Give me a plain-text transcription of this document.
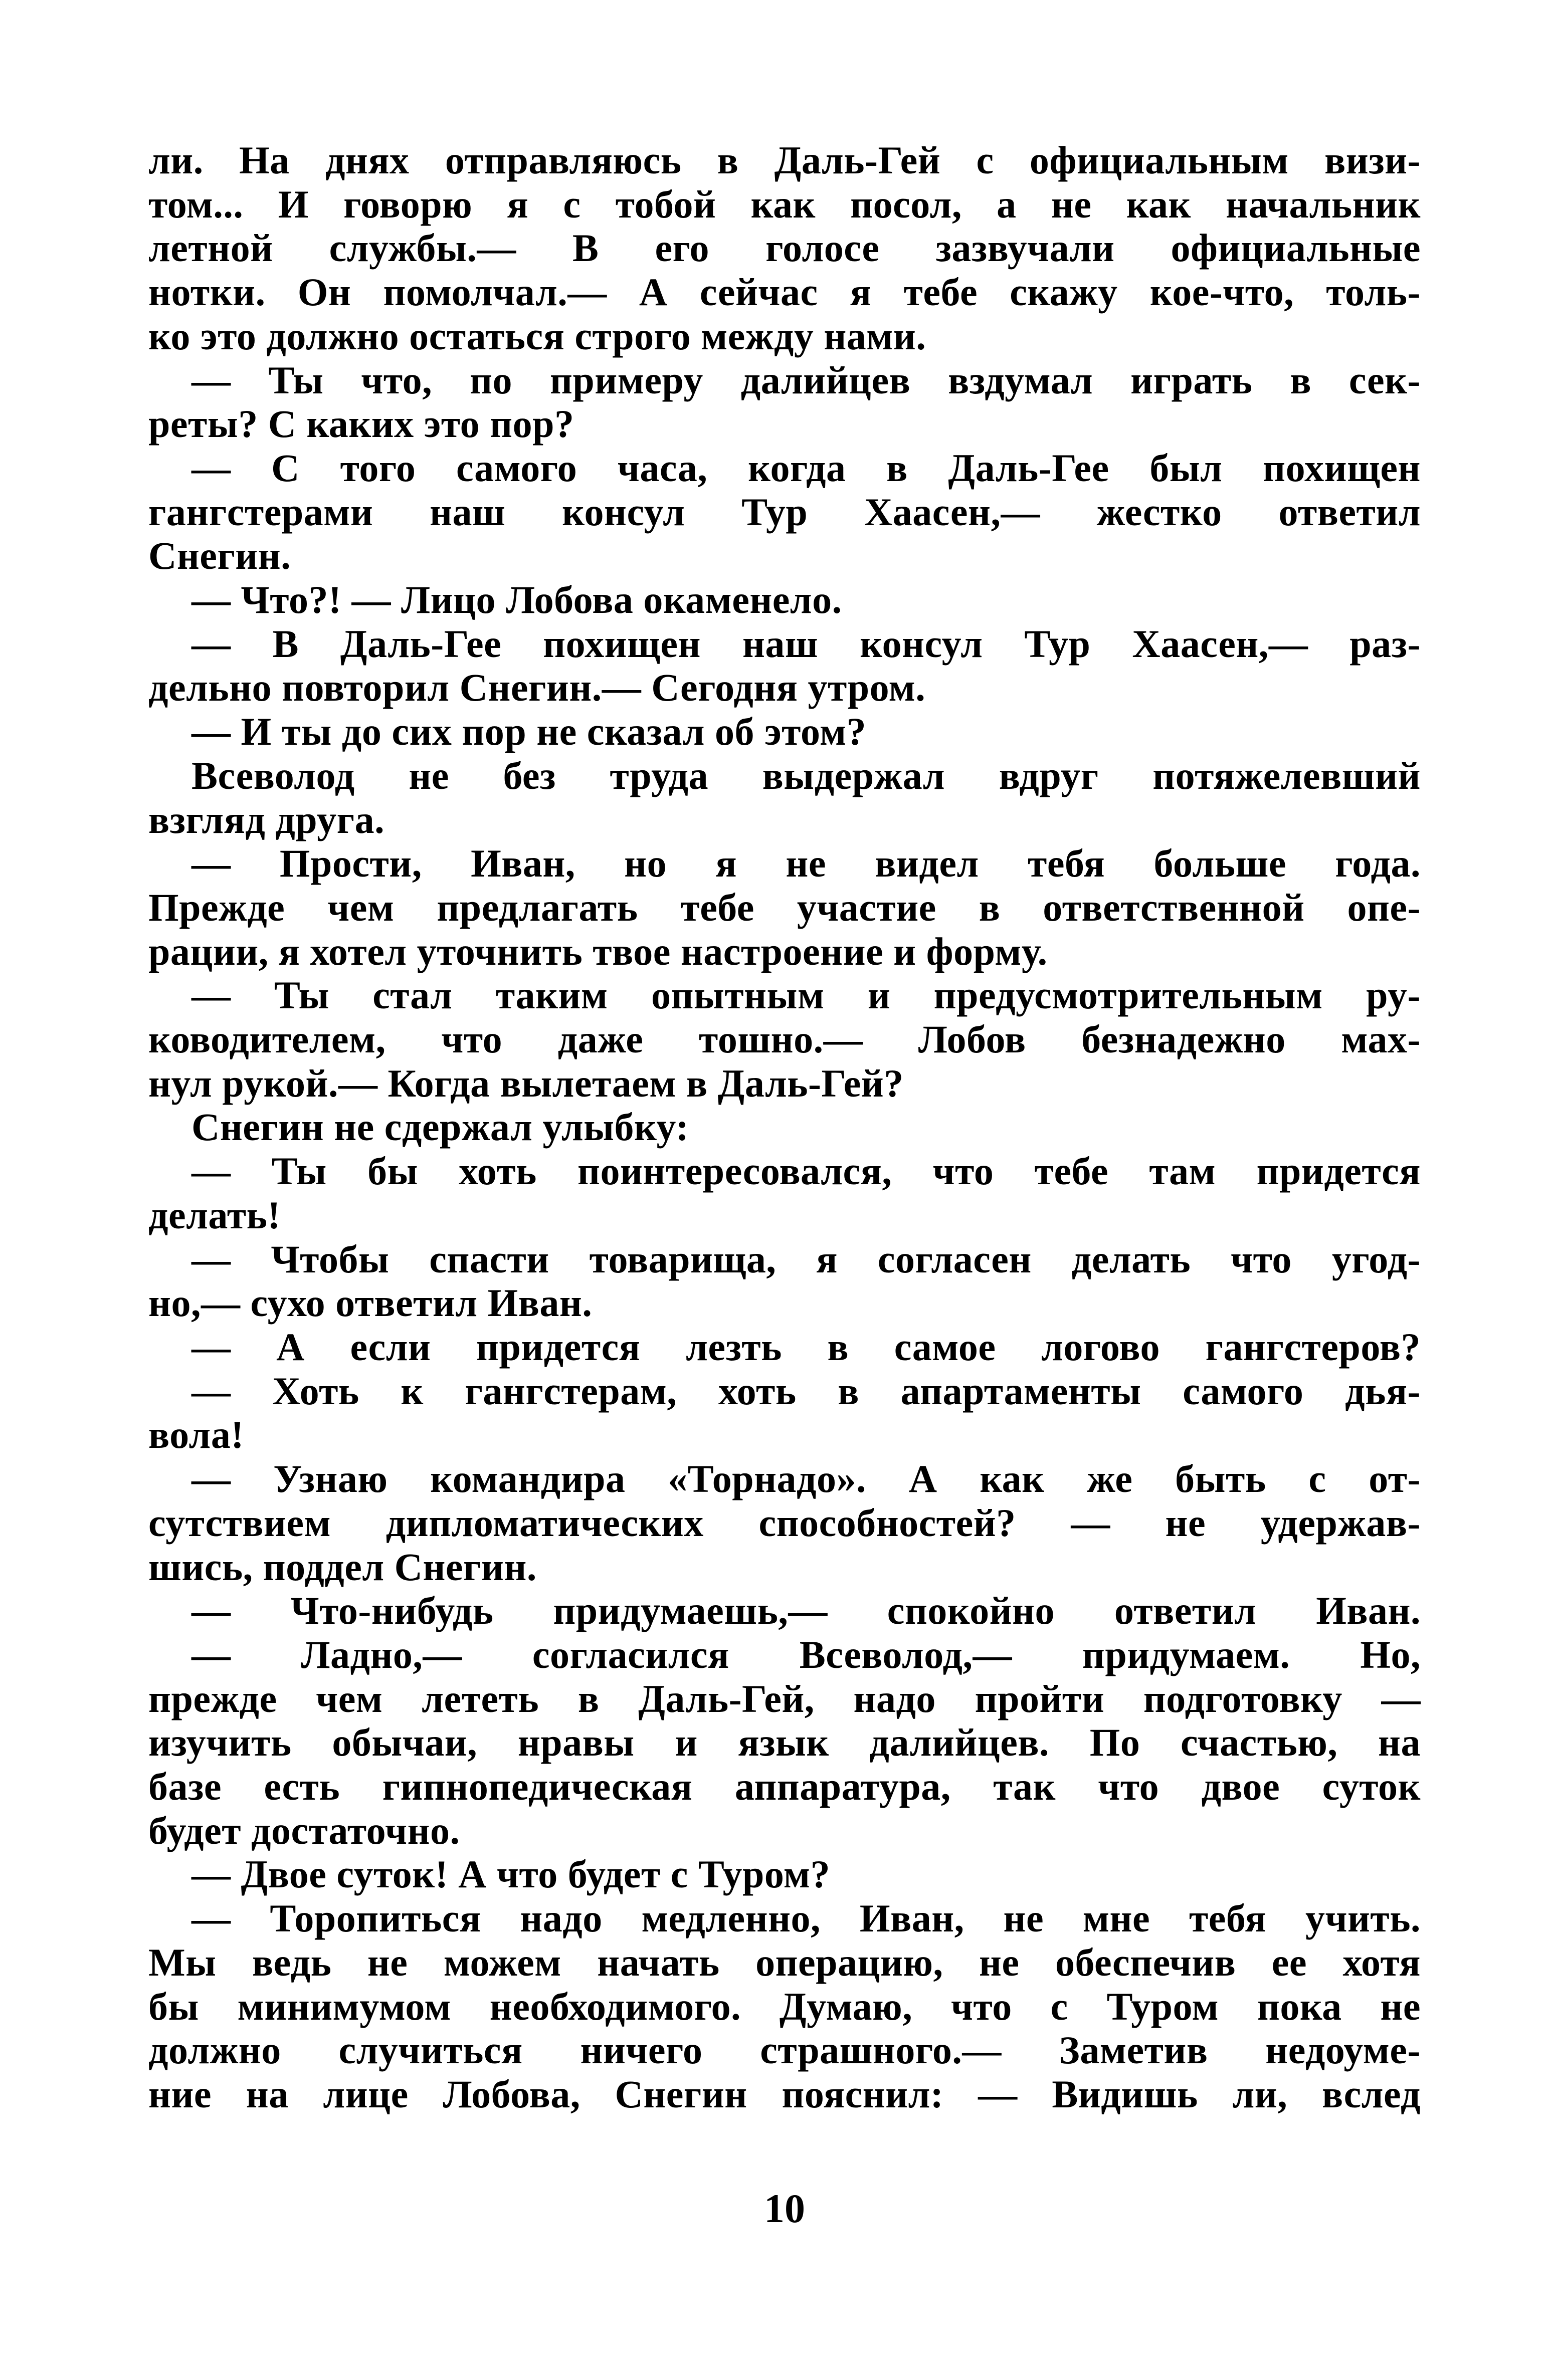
ли. На днях отправляюсь в Даль-Гей с официальным визи-
том... И говорю я с тобой как посол, а не как начальник
летной службы.— В его голосе зазвучали официальные
нотки. Он помолчал.— А сейчас я тебе скажу кое-что, толь-
ко это должно остаться строго между нами.
— Ты что, по примеру далийцев вздумал играть в сек-
реты? С каких это пор?
— С того самого часа, когда в Даль-Гее был похищен
гангстерами наш консул Тур Хаасен,— жестко ответил
Снегин.
— Что?! — Лицо Лобова окаменело.
— В Даль-Гее похищен наш консул Тур Хаасен,— раз-
дельно повторил Снегин.— Сегодня утром.
— И ты до сих пор не сказал об этом?
Всеволод не без труда выдержал вдруг потяжелевший
взгляд друга.
— Прости, Иван, но я не видел тебя больше года.
Прежде чем предлагать тебе участие в ответственной опе-
рации, я хотел уточнить твое настроение и форму.
— Ты стал таким опытным и предусмотрительным ру-
ководителем, что даже тошно.— Лобов безнадежно мах-
нул рукой.— Когда вылетаем в Даль-Гей?
Снегин не сдержал улыбку:
— Ты бы хоть поинтересовался, что тебе там придется
делать!
— Чтобы спасти товарища, я согласен делать что угод-
но,— сухо ответил Иван.
— А если придется лезть в самое логово гангстеров?
— Хоть к гангстерам, хоть в апартаменты самого дья-
вола!
— Узнаю командира «Торнадо». А как же быть с от-
сутствием дипломатических способностей? — не удержав-
шись, поддел Снегин.
— Что-нибудь придумаешь,— спокойно ответил Иван.
— Ладно,— согласился Всеволод,— придумаем. Но,
прежде чем лететь в Даль-Гей, надо пройти подготовку —
изучить обычаи, нравы и язык далийцев. По счастью, на
базе есть гипнопедическая аппаратура, так что двое суток
будет достаточно.
— Двое суток! А что будет с Туром?
— Торопиться надо медленно, Иван, не мне тебя учить.
Мы ведь не можем начать операцию, не обеспечив ее хотя
бы минимумом необходимого. Думаю, что с Туром пока не
должно случиться ничего страшного.— Заметив недоуме-
ние на лице Лобова, Снегин пояснил: — Видишь ли, вслед
10
